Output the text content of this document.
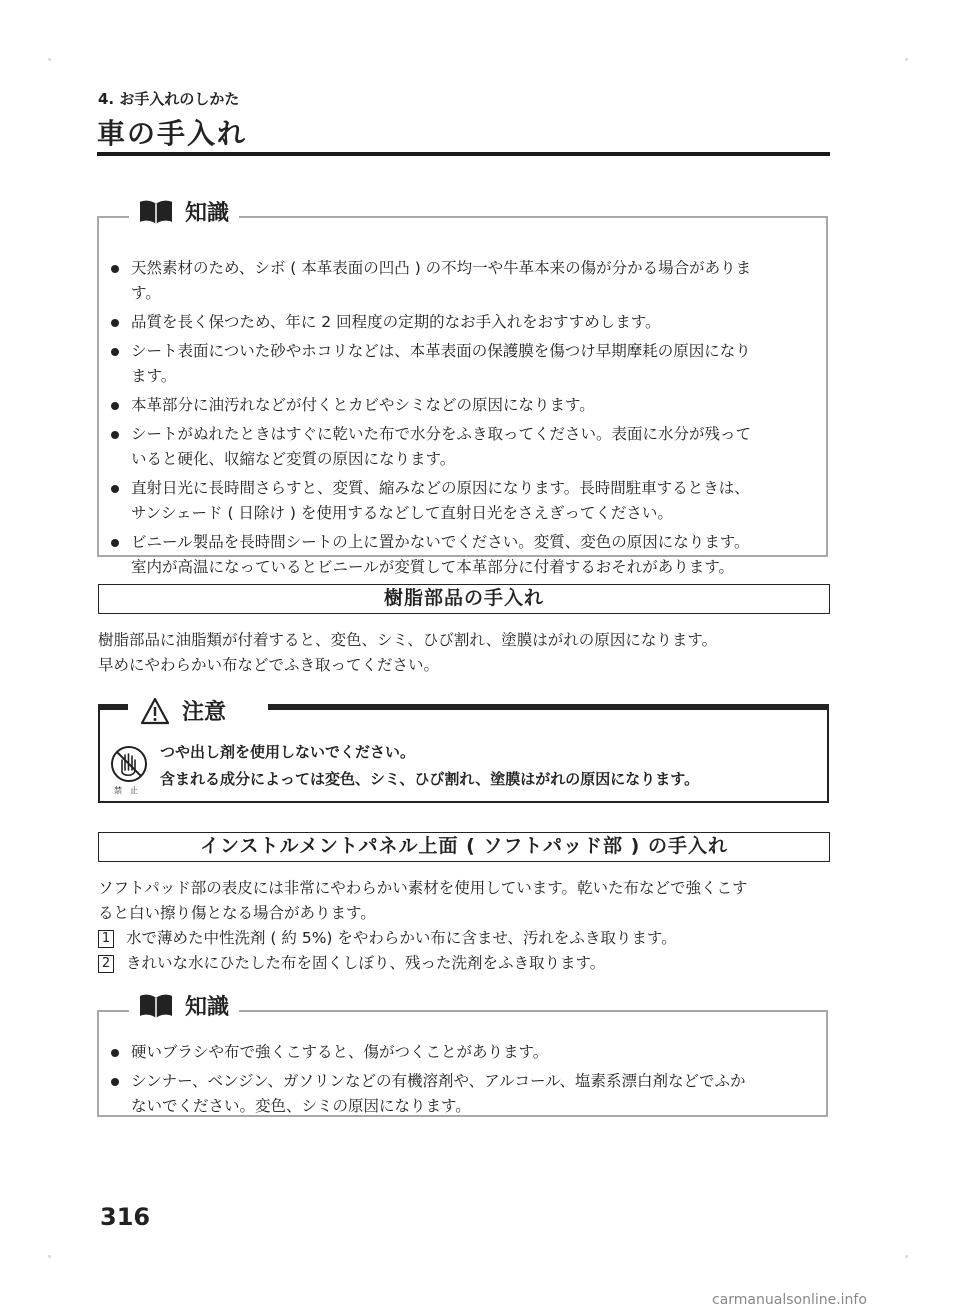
4. お手入れのしかた
車の手入れ
知識
天然素材のため、シボ ( 本革表面の凹凸 ) の不均一や牛革本来の傷が分かる場合がありま
す。
品質を長く保つため、年に 2 回程度の定期的なお手入れをおすすめします。
シート表面についた砂やホコリなどは、本革表面の保護膜を傷つけ早期摩耗の原因になり
ます。
本革部分に油汚れなどが付くとカビやシミなどの原因になります。
シートがぬれたときはすぐに乾いた布で水分をふき取ってください。表面に水分が残って
いると硬化、収縮など変質の原因になります。
直射日光に長時間さらすと、変質、縮みなどの原因になります。長時間駐車するときは、
サンシェード ( 日除け ) を使用するなどして直射日光をさえぎってください。
ビニール製品を長時間シートの上に置かないでください。変質、変色の原因になります。
室内が高温になっているとビニールが変質して本革部分に付着するおそれがあります。
樹脂部品の手入れ
樹脂部品に油脂類が付着すると、変色、シミ、ひび割れ、塗膜はがれの原因になります。
早めにやわらかい布などでふき取ってください。
注意
禁止
つや出し剤を使用しないでください。
含まれる成分によっては変色、シミ、ひび割れ、塗膜はがれの原因になります。
インストルメントパネル上面 ( ソフトパッド部 ) の手入れ
ソフトパッド部の表皮には非常にやわらかい素材を使用しています。乾いた布などで強くこす
ると白い擦り傷となる場合があります。
1 水で薄めた中性洗剤 ( 約 5%) をやわらかい布に含ませ、汚れをふき取ります。
2 きれいな水にひたした布を固くしぼり、残った洗剤をふき取ります。
知識
硬いブラシや布で強くこすると、傷がつくことがあります。
シンナー、ベンジン、ガソリンなどの有機溶剤や、アルコール、塩素系漂白剤などでふか
ないでください。変色、シミの原因になります。
316
carmanualsonline.info
